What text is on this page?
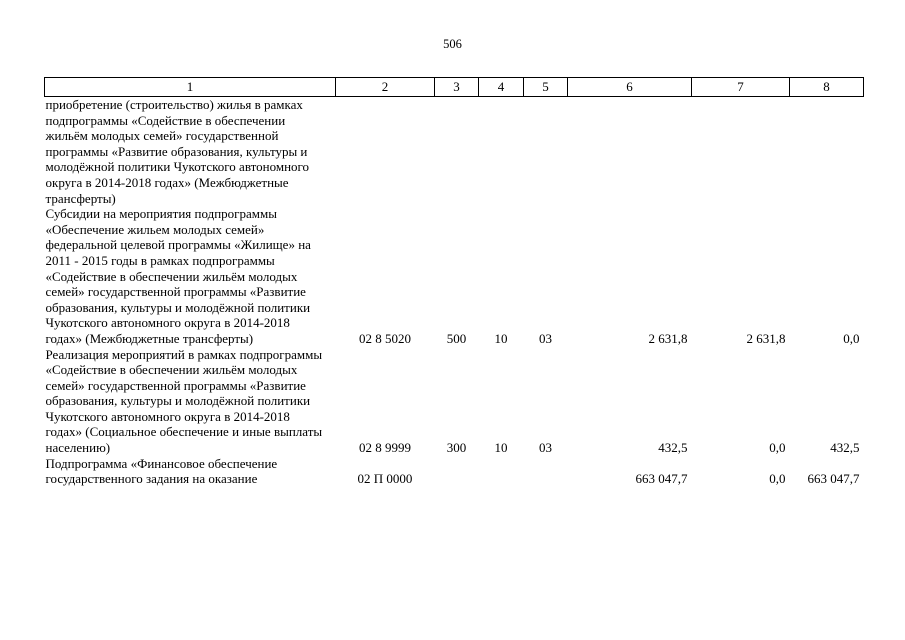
506
1	2	3	4	5	6	7	8
приобретение (строительство) жилья в рамках подпрограммы «Содействие в обеспечении жильём молодых семей» государственной программы «Развитие образования, культуры и молодёжной политики Чукотского автономного округа в 2014-2018 годах» (Межбюджетные трансферты)							
Субсидии на мероприятия подпрограммы «Обеспечение жильем молодых семей» федеральной целевой программы «Жилище» на 2011 - 2015 годы в рамках подпрограммы «Содействие в обеспечении жильём молодых семей» государственной программы «Развитие образования, культуры и молодёжной политики Чукотского автономного округа в 2014-2018 годах» (Межбюджетные трансферты)	02 8 5020	500	10	03	2 631,8	2 631,8	0,0
Реализация мероприятий в рамках подпрограммы «Содействие в обеспечении жильём молодых семей» государственной программы «Развитие образования, культуры и молодёжной политики Чукотского автономного округа в 2014-2018 годах» (Социальное обеспечение и иные выплаты населению)	02 8 9999	300	10	03	432,5	0,0	432,5
Подпрограмма «Финансовое обеспечение государственного задания на оказание	02 П 0000				663 047,7	0,0	663 047,7
